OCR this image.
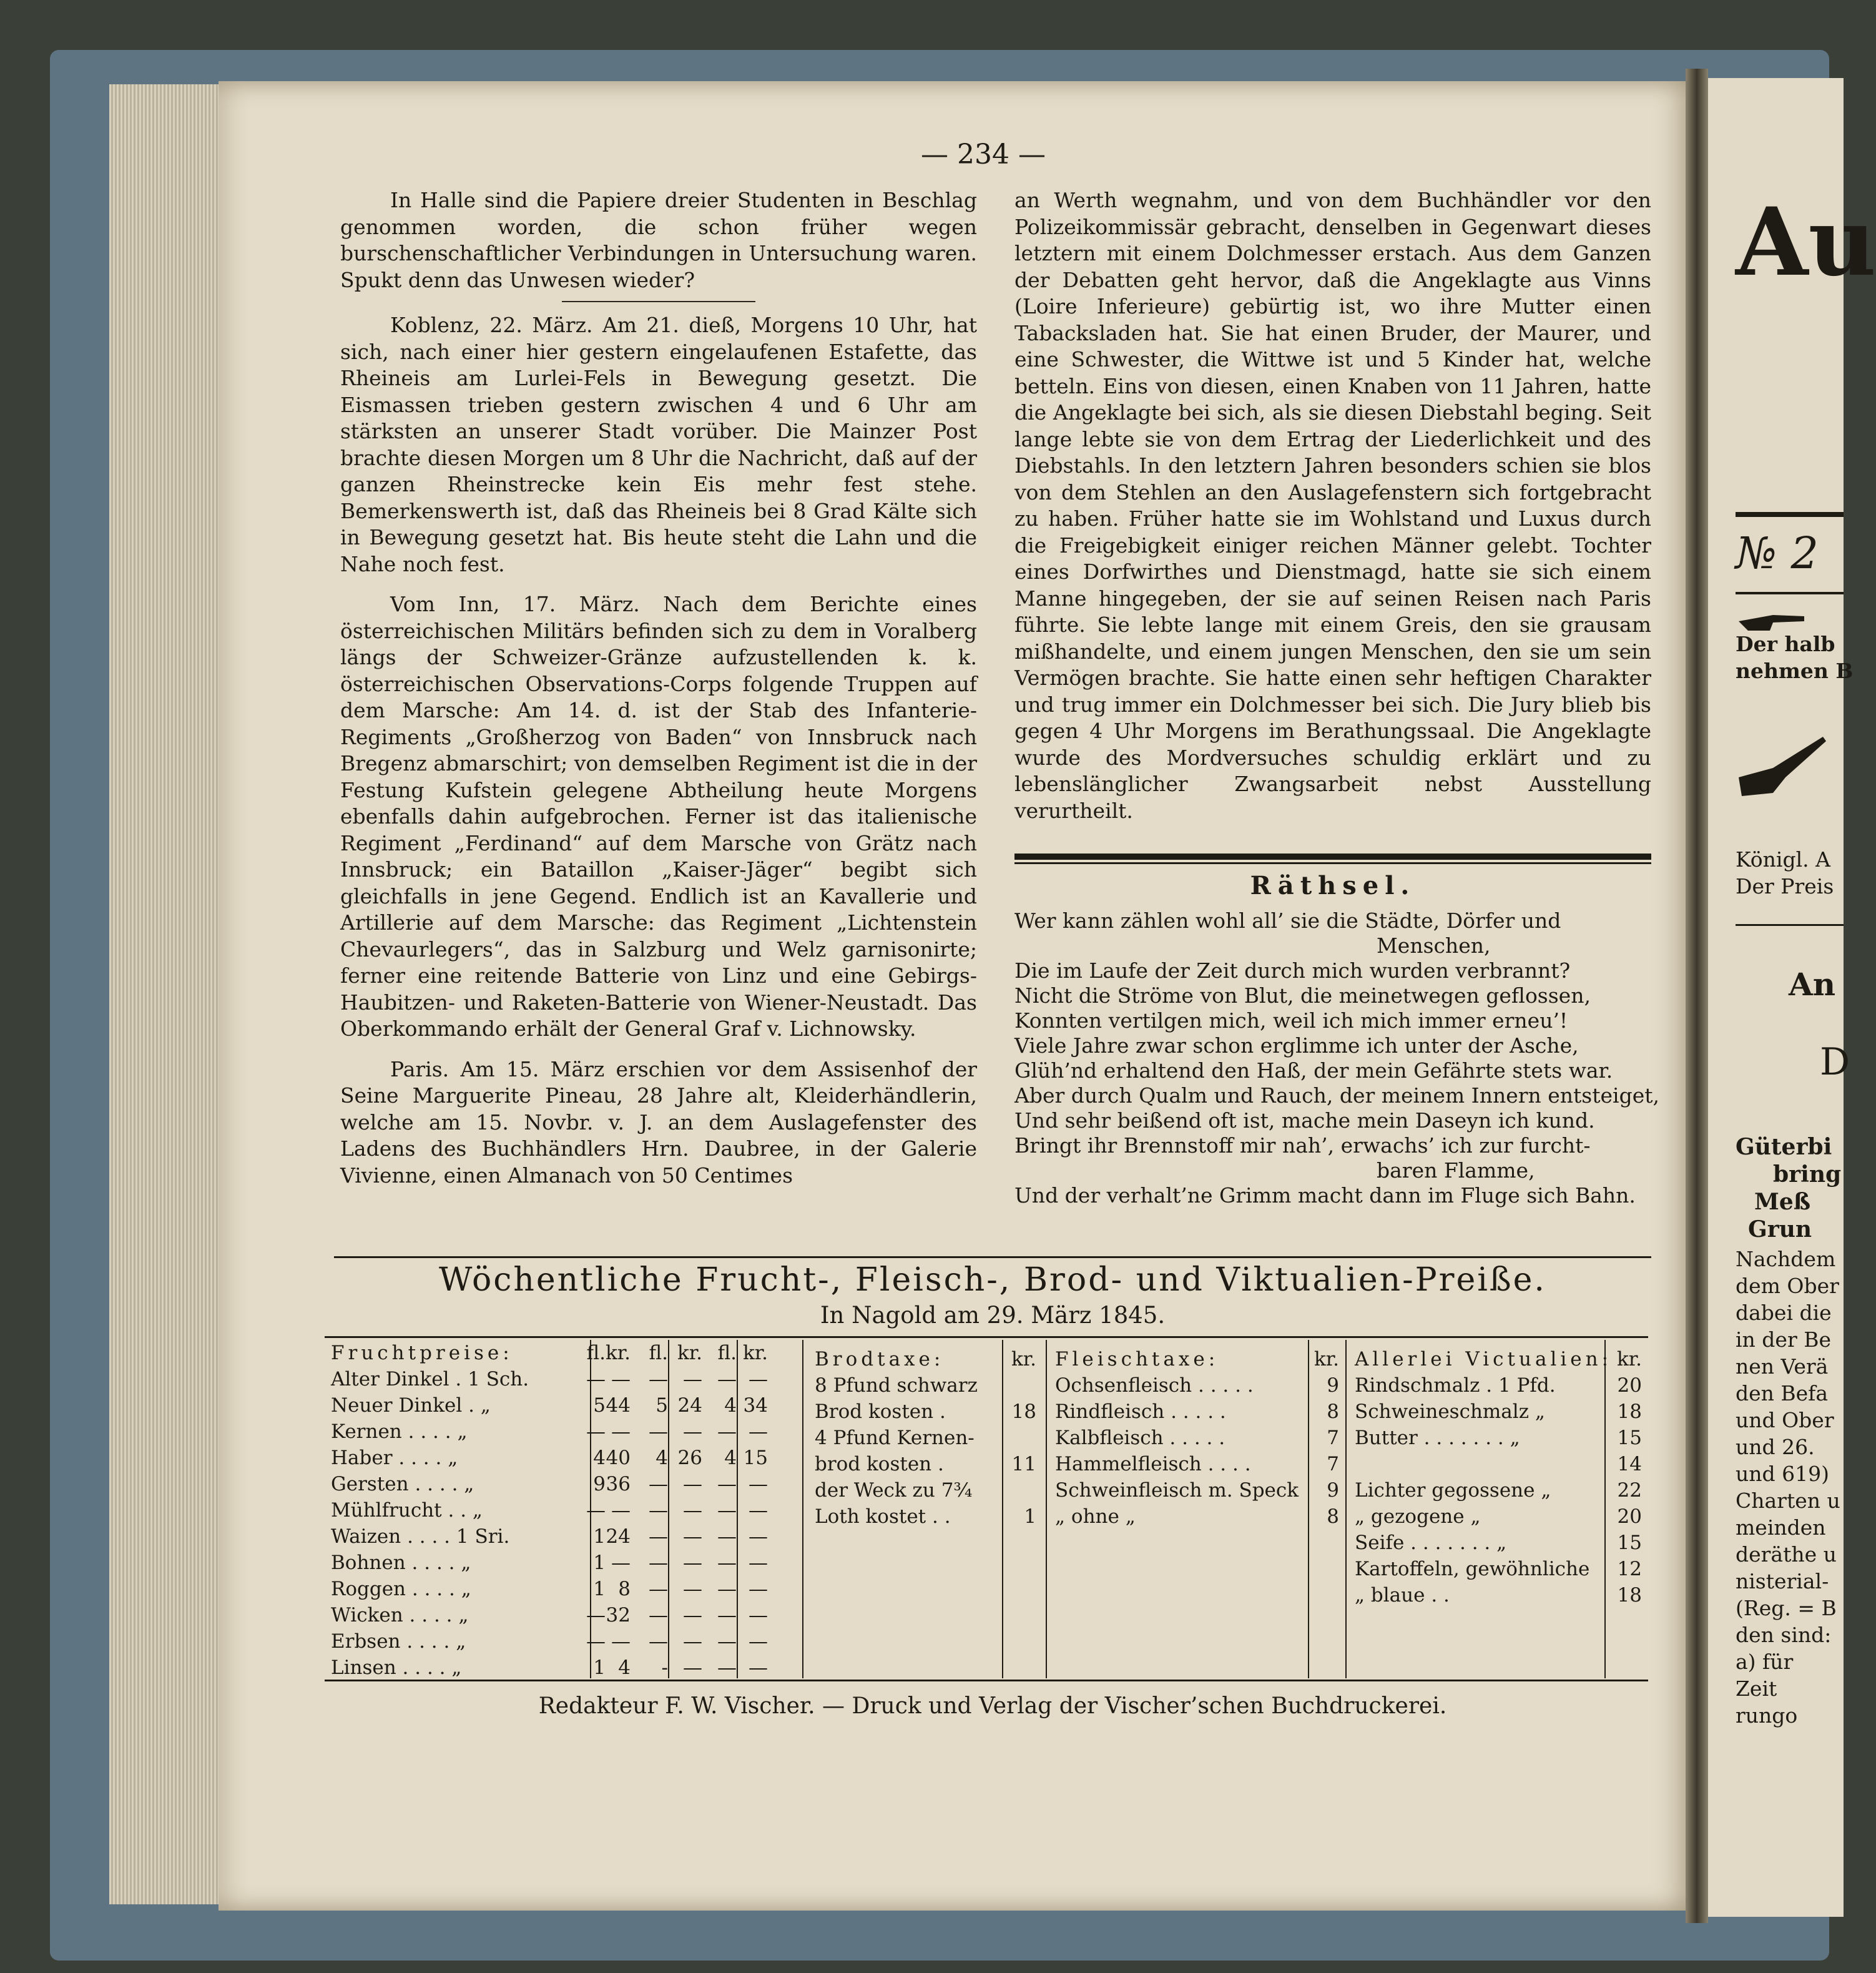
— 234 —

In Halle sind die Papiere dreier Studenten in Beschlag genommen worden, die schon früher wegen burschenschaftlicher Verbindungen in Untersuchung waren. Spukt denn das Unwesen wieder?

Koblenz, 22. März. Am 21. dieß, Morgens 10 Uhr, hat sich, nach einer hier gestern eingelaufenen Estafette, das Rheineis am Lurlei-Fels in Bewegung gesetzt. Die Eismassen trieben gestern zwischen 4 und 6 Uhr am stärksten an unserer Stadt vorüber. Die Mainzer Post brachte diesen Morgen um 8 Uhr die Nachricht, daß auf der ganzen Rheinstrecke kein Eis mehr fest stehe. Bemerkenswerth ist, daß das Rheineis bei 8 Grad Kälte sich in Bewegung gesetzt hat. Bis heute steht die Lahn und die Nahe noch fest.

Vom Inn, 17. März. Nach dem Berichte eines österreichischen Militärs befinden sich zu dem in Voralberg längs der Schweizer-Gränze aufzustellenden k. k. österreichischen Observations-Corps folgende Truppen auf dem Marsche: Am 14. d. ist der Stab des Infanterie-Regiments „Großherzog von Baden“ von Innsbruck nach Bregenz abmarschirt; von demselben Regiment ist die in der Festung Kufstein gelegene Abtheilung heute Morgens ebenfalls dahin aufgebrochen. Ferner ist das italienische Regiment „Ferdinand“ auf dem Marsche von Grätz nach Innsbruck; ein Bataillon „Kaiser-Jäger“ begibt sich gleichfalls in jene Gegend. Endlich ist an Kavallerie und Artillerie auf dem Marsche: das Regiment „Lichtenstein Chevaurlegers“, das in Salzburg und Welz garnisonirte; ferner eine reitende Batterie von Linz und eine Gebirgs-Haubitzen- und Raketen-Batterie von Wiener-Neustadt. Das Oberkommando erhält der General Graf v. Lichnowsky.

Paris. Am 15. März erschien vor dem Assisenhof der Seine Marguerite Pineau, 28 Jahre alt, Kleiderhändlerin, welche am 15. Novbr. v. J. an dem Auslagefenster des Ladens des Buchhändlers Hrn. Daubree, in der Galerie Vivienne, einen Almanach von 50 Centimes

an Werth wegnahm, und von dem Buchhändler vor den Polizeikommissär gebracht, denselben in Gegenwart dieses letztern mit einem Dolchmesser erstach. Aus dem Ganzen der Debatten geht hervor, daß die Angeklagte aus Vinns (Loire Inferieure) gebürtig ist, wo ihre Mutter einen Tabacksladen hat. Sie hat einen Bruder, der Maurer, und eine Schwester, die Wittwe ist und 5 Kinder hat, welche betteln. Eins von diesen, einen Knaben von 11 Jahren, hatte die Angeklagte bei sich, als sie diesen Diebstahl beging. Seit lange lebte sie von dem Ertrag der Liederlichkeit und des Diebstahls. In den letztern Jahren besonders schien sie blos von dem Stehlen an den Auslagefenstern sich fortgebracht zu haben. Früher hatte sie im Wohlstand und Luxus durch die Freigebigkeit einiger reichen Männer gelebt. Tochter eines Dorfwirthes und Dienstmagd, hatte sie sich einem Manne hingegeben, der sie auf seinen Reisen nach Paris führte. Sie lebte lange mit einem Greis, den sie grausam mißhandelte, und einem jungen Menschen, den sie um sein Vermögen brachte. Sie hatte einen sehr heftigen Charakter und trug immer ein Dolchmesser bei sich. Die Jury blieb bis gegen 4 Uhr Morgens im Berathungssaal. Die Angeklagte wurde des Mordversuches schuldig erklärt und zu lebenslänglicher Zwangsarbeit nebst Ausstellung verurtheilt.

Räthsel.
Wer kann zählen wohl all’ sie die Städte, Dörfer und
Menschen,
Die im Laufe der Zeit durch mich wurden verbrannt?
Nicht die Ströme von Blut, die meinetwegen geflossen,
Konnten vertilgen mich, weil ich mich immer erneu’!
Viele Jahre zwar schon erglimme ich unter der Asche,
Glüh’nd erhaltend den Haß, der mein Gefährte stets war.
Aber durch Qualm und Rauch, der meinem Innern entsteiget,
Und sehr beißend oft ist, mache mein Daseyn ich kund.
Bringt ihr Brennstoff mir nah’, erwachs’ ich zur furcht-
baren Flamme,
Und der verhalt’ne Grimm macht dann im Fluge sich Bahn.
Wöchentliche Frucht-, Fleisch-, Brod- und Viktualien-Preiße.
In Nagold am 29. März 1845.
Fruchtpreise:	fl. kr. fl. kr. fl. kr.
Alter Dinkel . 1 Sch.	— — — — — —
Neuer Dinkel . „	5 44	5 24	4 34
Kernen . . . . „	— — — — — —
Haber . . . . „	4 40	4 26	4 15
Gersten . . . . „	9 36 — — — —
Mühlfrucht . . „	— — — — — —
Waizen . . . . 1 Sri.	1 24 — — — —
Bohnen . . . . „	1 — — — — —
Roggen . . . . „	1 8 — — — —
Wicken . . . . „	— 32 — — — —
Erbsen . . . . „	— — — — — —
Linsen . . . . „	1 4	- — — —
Brodtaxe:	kr.
8 Pfund schwarz
Brod kosten .	18
4 Pfund Kernen-
brod kosten .	11
der Weck zu 7¾
Loth kostet . .	1
Fleischtaxe:	kr.
Ochsenfleisch . . . . .	9
Rindfleisch . . . . .	8
Kalbfleisch . . . . .	7
Hammelfleisch . . . .	7
Schweinfleisch m. Speck	9
„ ohne „	8
Allerlei Victualien: kr.
Rindschmalz . 1 Pfd.	20
Schweineschmalz „	18
Butter . . . . . . . „	15
14
Lichter gegossene „	22
„ gezogene „	20
Seife . . . . . . . „	15
Kartoffeln, gewöhnliche	12
„ blaue . .	18
Redakteur F. W. Vischer. — Druck und Verlag der Vischer’schen Buchdruckerei.
Au
№ 2
Der halb
nehmen B
Königl. A
Der Preis
An
D
Güterbi
bring
Meß
Grun
Nachdem
dem Ober
dabei die
in der Be
nen Verä
den Befa
und Ober
und 26.
und 619)
Charten u
meinden
deräthe u
nisterial-
(Reg. = B
den sind:
a) für
Zeit
rungo
